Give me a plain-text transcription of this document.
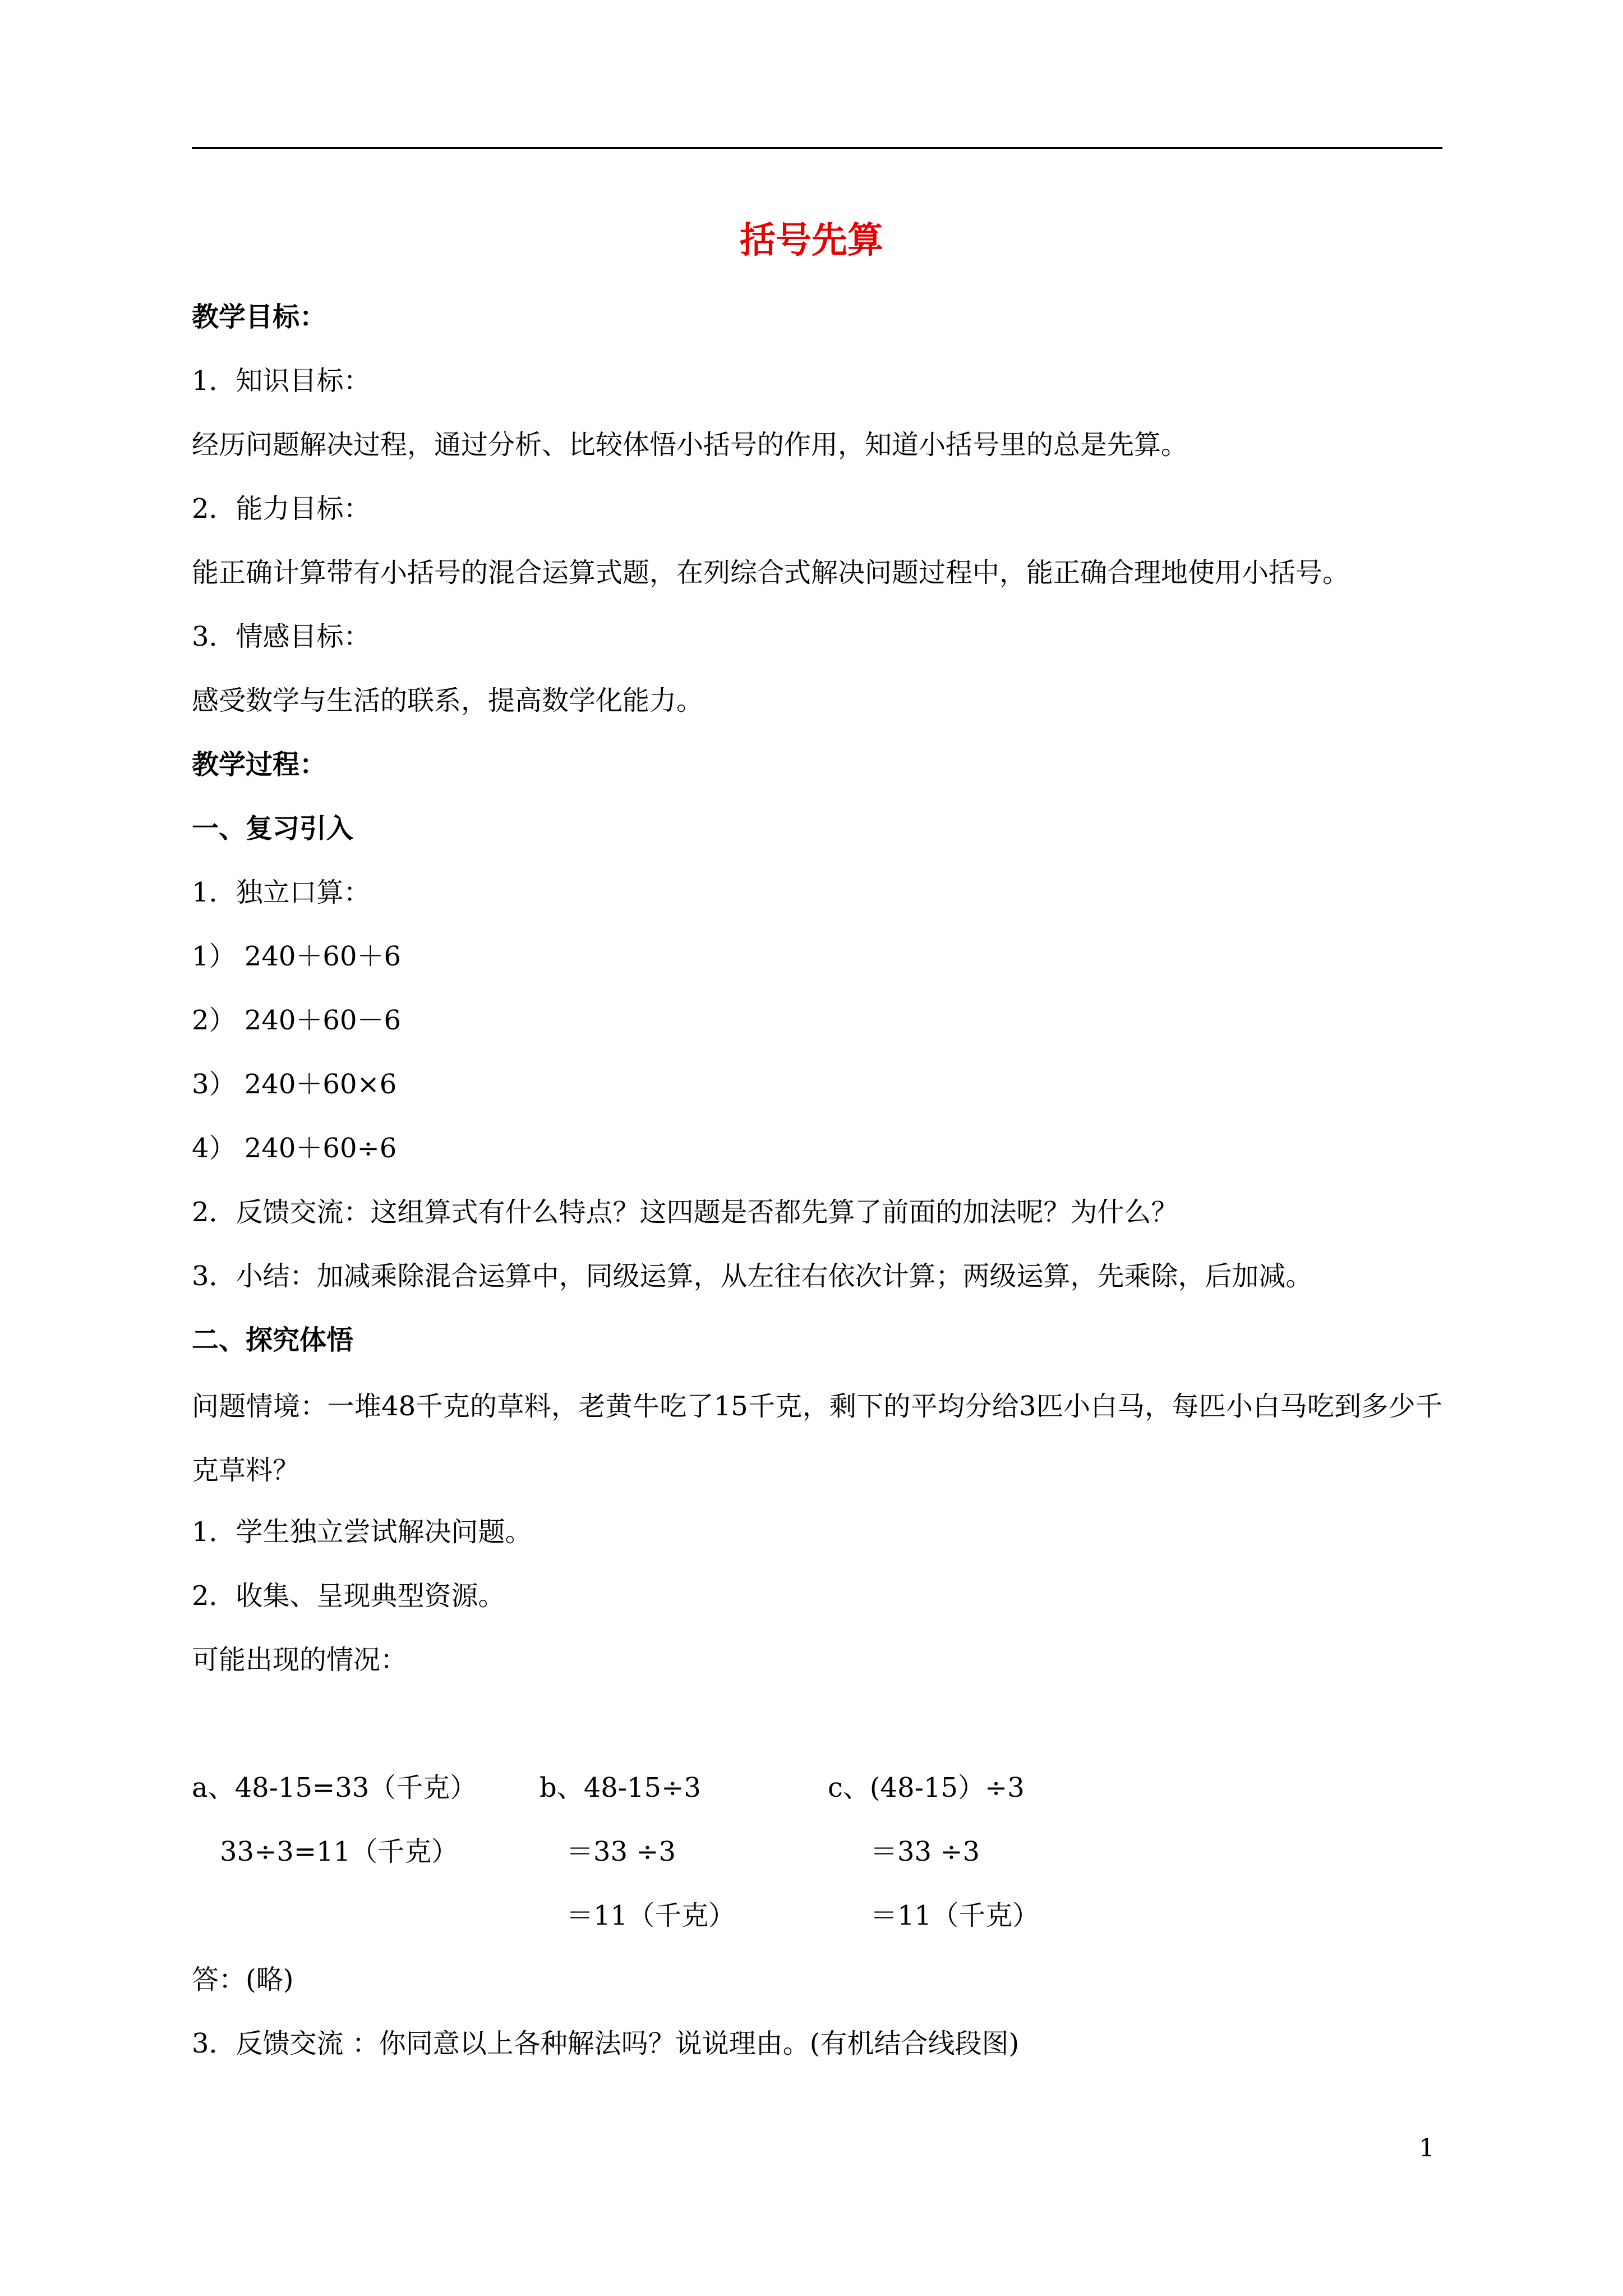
括号先算
教学目标：
1．知识目标：
经历问题解决过程，通过分析、比较体悟小括号的作用，知道小括号里的总是先算。
2．能力目标：
能正确计算带有小括号的混合运算式题，在列综合式解决问题过程中，能正确合理地使用小括号。
3．情感目标：
感受数学与生活的联系，提高数学化能力。
教学过程：
一、复习引入
1．独立口算：
1） 240＋60＋6
2） 240＋60－6
3） 240＋60×6
4） 240＋60÷6
2．反馈交流：这组算式有什么特点？这四题是否都先算了前面的加法呢？为什么？
3．小结：加减乘除混合运算中，同级运算，从左往右依次计算；两级运算，先乘除，后加减。
二、探究体悟
问题情境：一堆48千克的草料，老黄牛吃了15千克，剩下的平均分给3匹小白马，每匹小白马吃到多少千克草料？
1．学生独立尝试解决问题。
2．收集、呈现典型资源。
可能出现的情况：
a、48-15=33（千克）
33÷3=11（千克）
b、48-15÷3
＝33 ÷3
＝11（千克）
c、(48-15）÷3
＝33 ÷3
＝11（千克）
答：(略)
3．反馈交流 ：你同意以上各种解法吗？说说理由。(有机结合线段图)
1
